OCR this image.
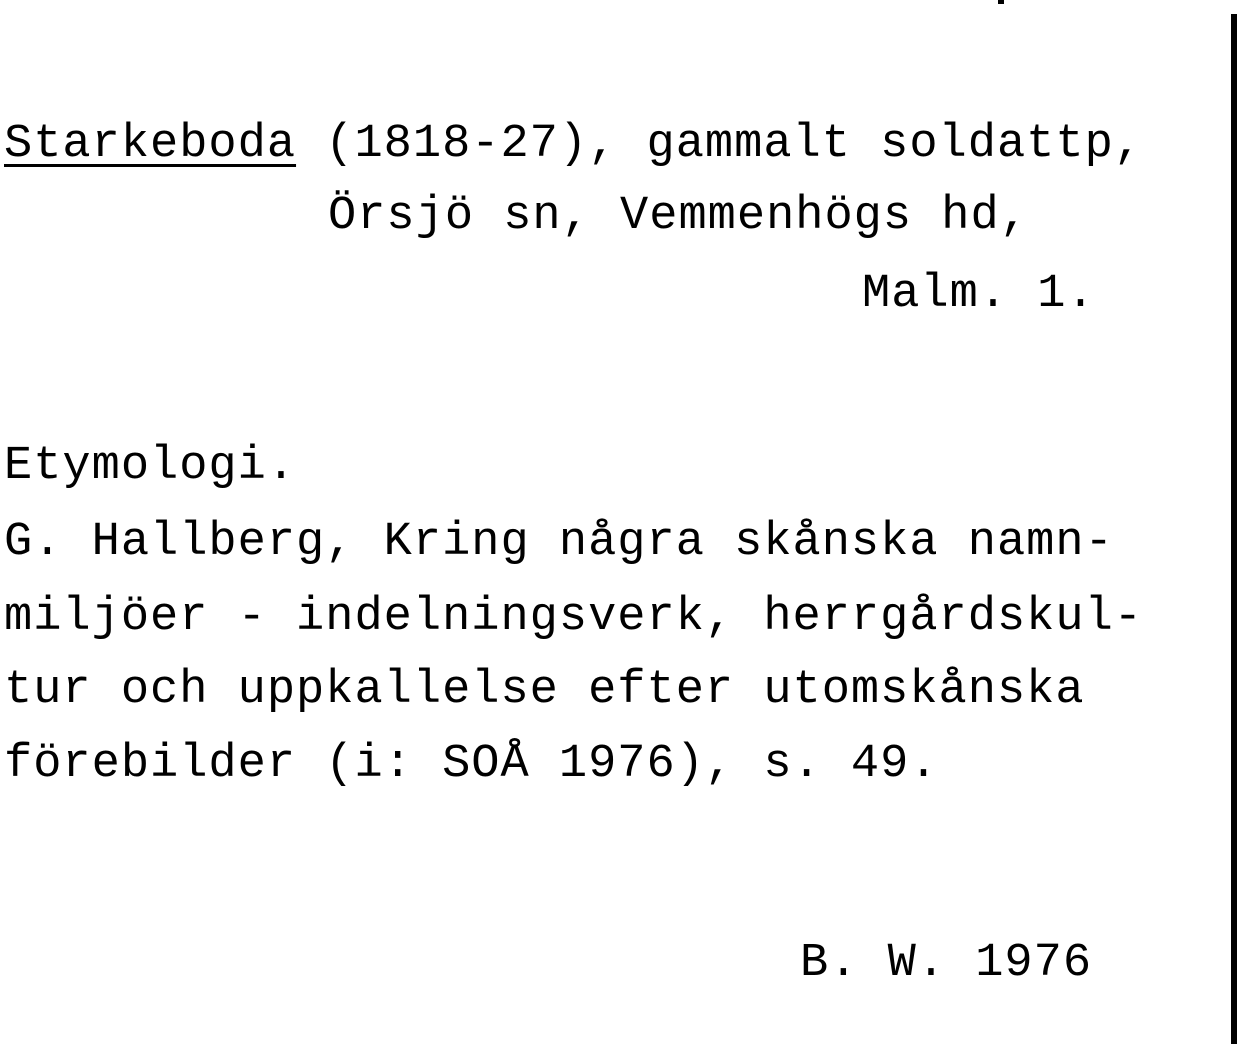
Starkeboda (1818-27), gammalt soldattp,
Örsjö sn, Vemmenhögs hd,
Malm. 1.
Etymologi.
G. Hallberg, Kring några skånska namn-
miljöer - indelningsverk, herrgårdskul-
tur och uppkallelse efter utomskånska
förebilder (i: SOÅ 1976), s. 49.
B. W. 1976
